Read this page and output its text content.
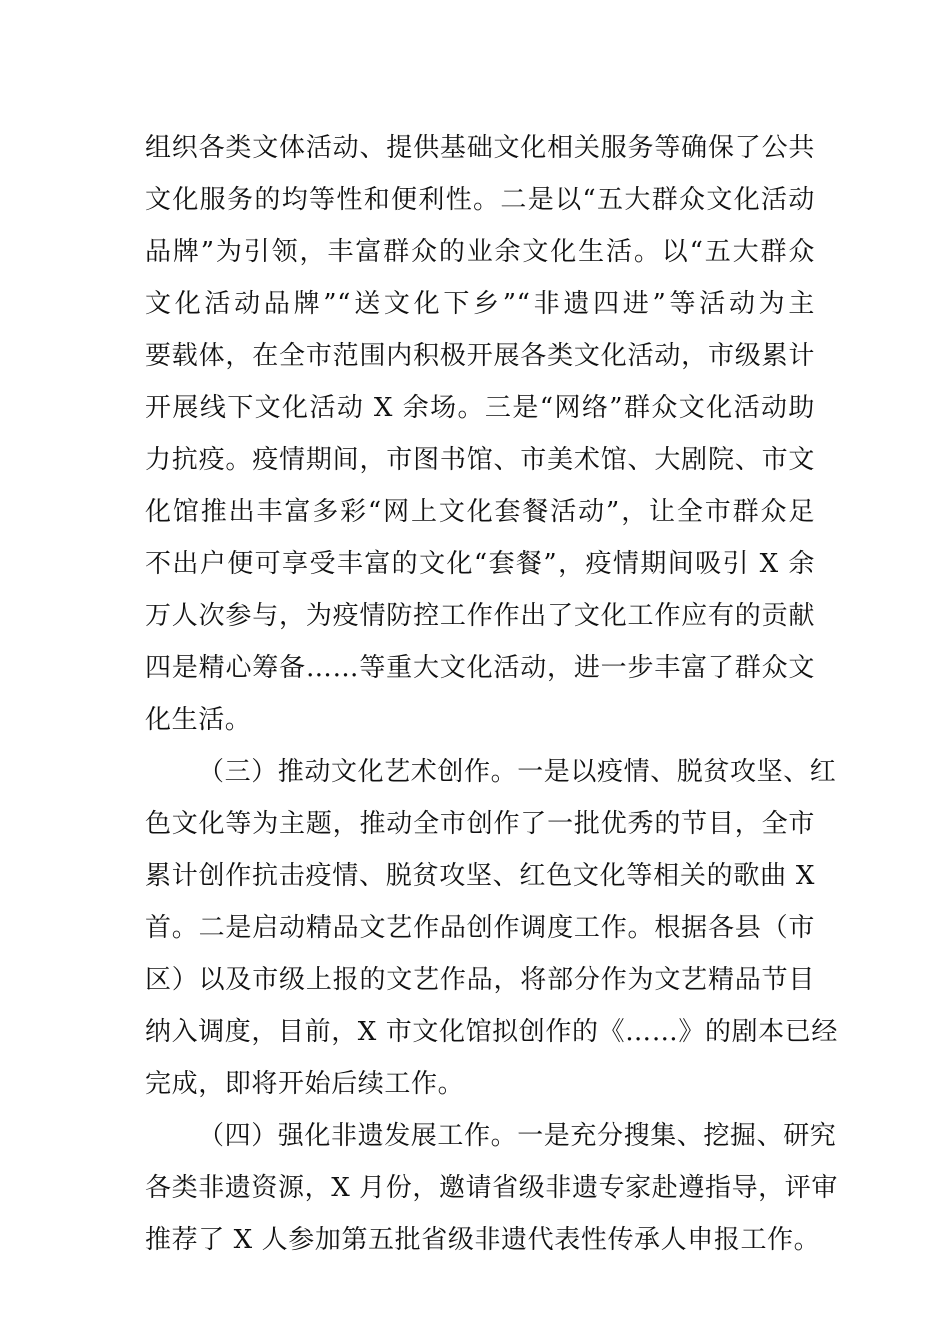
组织各类文体活动、提供基础文化相关服务等确保了公共
文化服务的均等性和便利性。二是以“五大群众文化活动
品牌”为引领，丰富群众的业余文化生活。以“五大群众
文化活动品牌”“送文化下乡”“非遗四进”等活动为主
要载体，在全市范围内积极开展各类文化活动，市级累计
开展线下文化活动 X 余场。三是“网络”群众文化活动助
力抗疫。疫情期间，市图书馆、市美术馆、大剧院、市文
化馆推出丰富多彩“网上文化套餐活动”，让全市群众足
不出户便可享受丰富的文化“套餐”，疫情期间吸引 X 余
万人次参与，为疫情防控工作作出了文化工作应有的贡献
四是精心筹备……等重大文化活动，进一步丰富了群众文
化生活。
（三）推动文化艺术创作。一是以疫情、脱贫攻坚、红
色文化等为主题，推动全市创作了一批优秀的节目，全市
累计创作抗击疫情、脱贫攻坚、红色文化等相关的歌曲 X
首。二是启动精品文艺作品创作调度工作。根据各县（市
区）以及市级上报的文艺作品，将部分作为文艺精品节目
纳入调度，目前，X 市文化馆拟创作的《……》的剧本已经
完成，即将开始后续工作。
（四）强化非遗发展工作。一是充分搜集、挖掘、研究
各类非遗资源，X 月份，邀请省级非遗专家赴遵指导，评审
推荐了 X 人参加第五批省级非遗代表性传承人申报工作。
